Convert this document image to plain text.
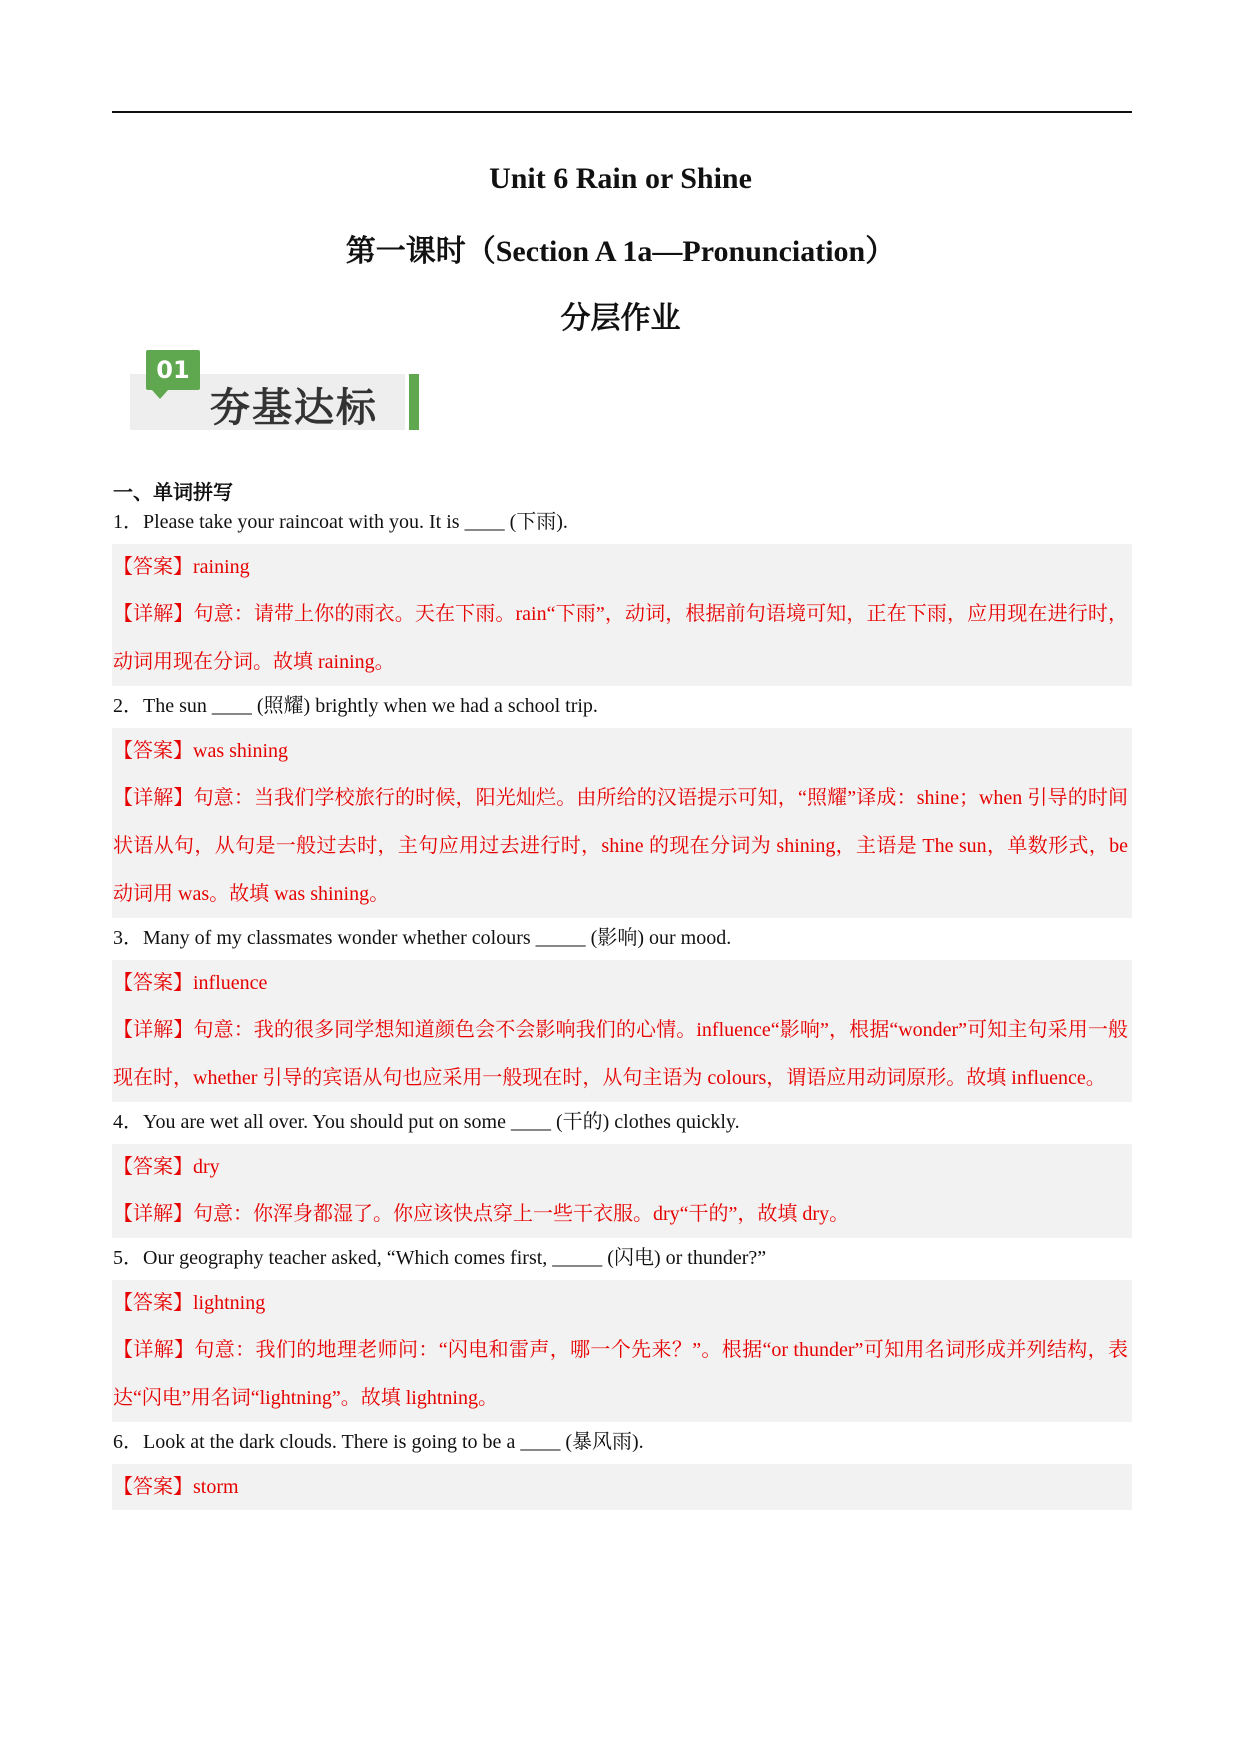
Unit 6 Rain or Shine
第一课时（Section A 1a—Pronunciation）
分层作业
01
夯基达标
一、单词拼写
1．Please take your raincoat with you. It is ____ (下雨).
【答案】raining
【详解】句意：请带上你的雨衣。天在下雨。rain“下雨”，动词，根据前句语境可知，正在下雨，应用现在进行时，动词用现在分词。故填 raining。
2．The sun ____ (照耀) brightly when we had a school trip.
【答案】was shining
【详解】句意：当我们学校旅行的时候，阳光灿烂。由所给的汉语提示可知，“照耀”译成：shine；when 引导的时间状语从句，从句是一般过去时，主句应用过去进行时，shine 的现在分词为 shining，主语是 The sun，单数形式，be 动词用 was。故填 was shining。
3．Many of my classmates wonder whether colours _____ (影响) our mood.
【答案】influence
【详解】句意：我的很多同学想知道颜色会不会影响我们的心情。influence“影响”，根据“wonder”可知主句采用一般现在时，whether 引导的宾语从句也应采用一般现在时，从句主语为 colours，谓语应用动词原形。故填 influence。
4．You are wet all over. You should put on some ____ (干的) clothes quickly.
【答案】dry
【详解】句意：你浑身都湿了。你应该快点穿上一些干衣服。dry“干的”，故填 dry。
5．Our geography teacher asked, “Which comes first, _____ (闪电) or thunder?”
【答案】lightning
【详解】句意：我们的地理老师问：“闪电和雷声，哪一个先来？”。根据“or thunder”可知用名词形成并列结构，表达“闪电”用名词“lightning”。故填 lightning。
6．Look at the dark clouds. There is going to be a ____ (暴风雨).
【答案】storm
